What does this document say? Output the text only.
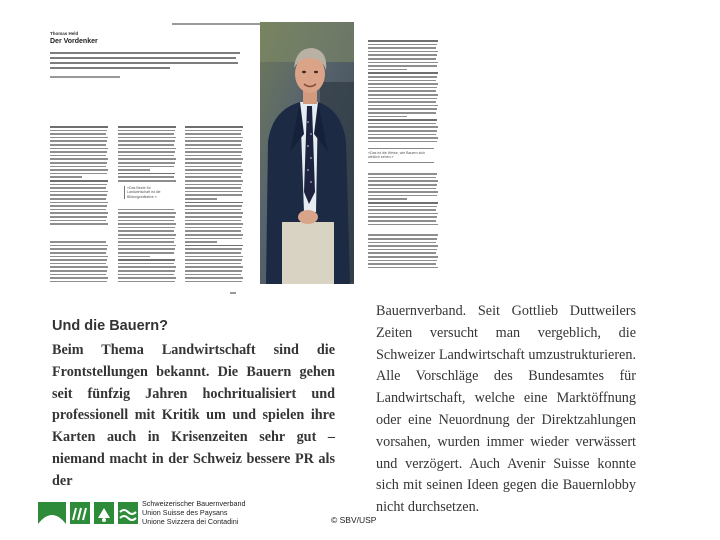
Thomas Held
Der Vordenker
«Das Beste für Landwirtschaft ist die Bildungsinitiative.»
«Das ist die Weise, wie Bauern sich wirklich sehen.»
Und die Bauern?

Beim Thema Landwirtschaft sind die Frontstellungen bekannt. Die Bauern gehen seit fünfzig Jahren hochritualisiert und professionell mit Kritik um und spielen ihre Karten auch in Krisenzeiten sehr gut – niemand macht in der Schweiz bessere PR als der

Bauernverband. Seit Gottlieb Duttweilers Zeiten versucht man vergeblich, die Schweizer Landwirtschaft umzustrukturieren. Alle Vorschläge des Bundesamtes für Landwirtschaft, welche eine Marktöffnung oder eine Neuordnung der Direktzahlungen vorsahen, wurden immer wieder verwässert und verzögert. Auch Avenir Suisse konnte sich mit seinen Ideen gegen die Bauernlobby nicht durchsetzen.

Schweizerischer Bauernverband
Union Suisse des Paysans
Unione Svizzera dei Contadini	© SBV/USP
